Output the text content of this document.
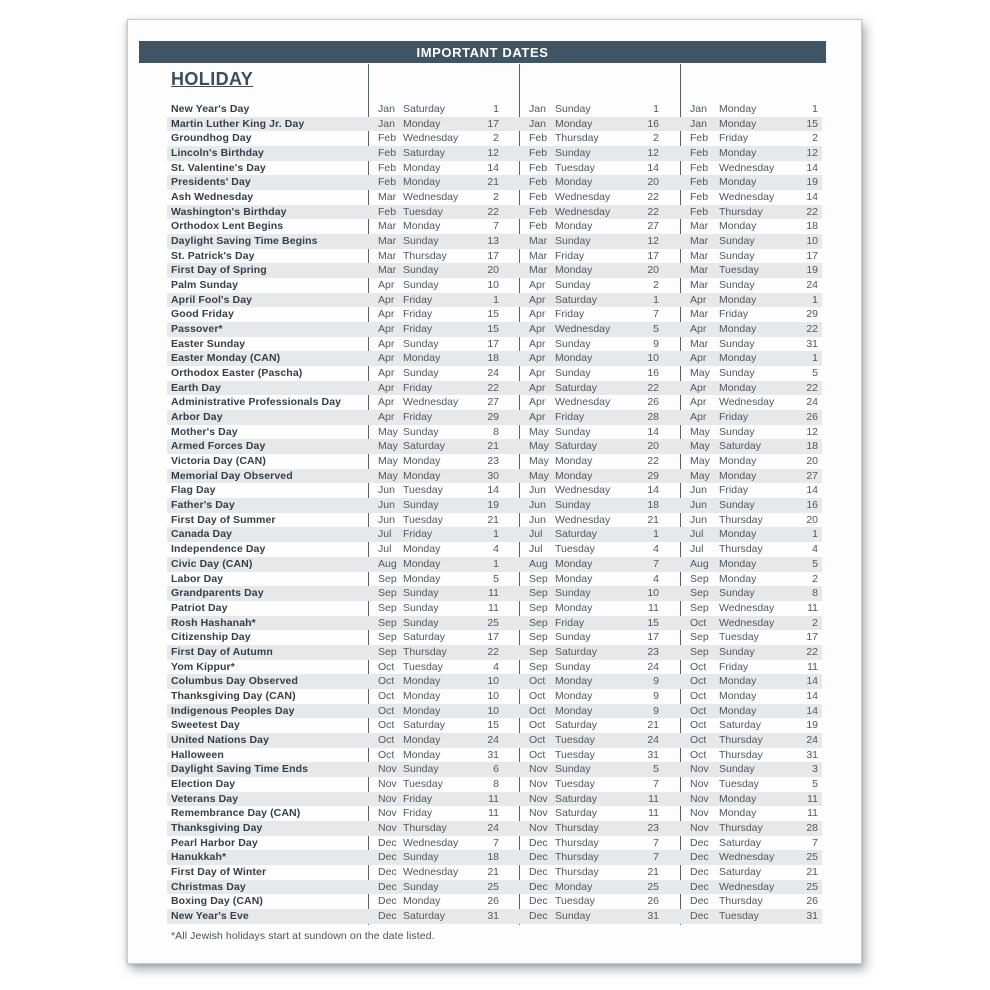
IMPORTANT DATES
HOLIDAY
New Year's Day	Jan Saturday	1	Jan Sunday	1	Jan	Monday	1
Martin Luther King Jr. Day	Jan Monday	17	Jan Monday	16	Jan	Monday	15
Groundhog Day	Feb Wednesday	2	Feb Thursday	2	Feb	Friday	2
Lincoln's Birthday	Feb Saturday	12	Feb Sunday	12	Feb	Monday	12
St. Valentine's Day	Feb Monday	14	Feb Tuesday	14	Feb	Wednesday	14
Presidents' Day	Feb Monday	21	Feb Monday	20	Feb	Monday	19
Ash Wednesday	Mar Wednesday	2	Feb Wednesday	22	Feb	Wednesday	14
Washington's Birthday	Feb Tuesday	22	Feb Wednesday	22	Feb	Thursday	22
Orthodox Lent Begins	Mar Monday	7	Feb Monday	27	Mar	Monday	18
Daylight Saving Time Begins	Mar Sunday	13	Mar Sunday	12	Mar	Sunday	10
St. Patrick's Day	Mar Thursday	17	Mar Friday	17	Mar	Sunday	17
First Day of Spring	Mar Sunday	20	Mar Monday	20	Mar	Tuesday	19
Palm Sunday	Apr Sunday	10	Apr Sunday	2	Mar	Sunday	24
April Fool's Day	Apr Friday	1	Apr Saturday	1	Apr	Monday	1
Good Friday	Apr Friday	15	Apr Friday	7	Mar	Friday	29
Passover*	Apr Friday	15	Apr Wednesday	5	Apr	Monday	22
Easter Sunday	Apr Sunday	17	Apr Sunday	9	Mar	Sunday	31
Easter Monday (CAN)	Apr Monday	18	Apr Monday	10	Apr	Monday	1
Orthodox Easter (Pascha)	Apr Sunday	24	Apr Sunday	16	May Sunday	5
Earth Day	Apr Friday	22	Apr Saturday	22	Apr	Monday	22
Administrative Professionals Day	Apr Wednesday	27	Apr Wednesday	26	Apr	Wednesday	24
Arbor Day	Apr Friday	29	Apr Friday	28	Apr	Friday	26
Mother's Day	May Sunday	8	May Sunday	14	May Sunday	12
Armed Forces Day	May Saturday	21	May Saturday	20	May Saturday	18
Victoria Day (CAN)	May Monday	23	May Monday	22	May Monday	20
Memorial Day Observed	May Monday	30	May Monday	29	May Monday	27
Flag Day	Jun Tuesday	14	Jun Wednesday	14	Jun	Friday	14
Father's Day	Jun Sunday	19	Jun Sunday	18	Jun	Sunday	16
First Day of Summer	Jun Tuesday	21	Jun Wednesday	21	Jun	Thursday	20
Canada Day	Jul	Friday	1	Jul	Saturday	1	Jul	Monday	1
Independence Day	Jul	Monday	4	Jul	Tuesday	4	Jul	Thursday	4
Civic Day (CAN)	Aug Monday	1	Aug Monday	7	Aug Monday	5
Labor Day	Sep Monday	5	Sep Monday	4	Sep Monday	2
Grandparents Day	Sep Sunday	11	Sep Sunday	10	Sep Sunday	8
Patriot Day	Sep Sunday	11	Sep Monday	11	Sep Wednesday	11
Rosh Hashanah*	Sep Sunday	25	Sep Friday	15	Oct	Wednesday	2
Citizenship Day	Sep Saturday	17	Sep Sunday	17	Sep Tuesday	17
First Day of Autumn	Sep Thursday	22	Sep Saturday	23	Sep Sunday	22
Yom Kippur*	Oct Tuesday	4	Sep Sunday	24	Oct	Friday	11
Columbus Day Observed	Oct Monday	10	Oct Monday	9	Oct	Monday	14
Thanksgiving Day (CAN)	Oct Monday	10	Oct Monday	9	Oct	Monday	14
Indigenous Peoples Day	Oct Monday	10	Oct Monday	9	Oct	Monday	14
Sweetest Day	Oct Saturday	15	Oct Saturday	21	Oct	Saturday	19
United Nations Day	Oct Monday	24	Oct Tuesday	24	Oct	Thursday	24
Halloween	Oct Monday	31	Oct Tuesday	31	Oct	Thursday	31
Daylight Saving Time Ends	Nov Sunday	6	Nov Sunday	5	Nov Sunday	3
Election Day	Nov Tuesday	8	Nov Tuesday	7	Nov Tuesday	5
Veterans Day	Nov Friday	11	Nov Saturday	11	Nov Monday	11
Remembrance Day (CAN)	Nov Friday	11	Nov Saturday	11	Nov Monday	11
Thanksgiving Day	Nov Thursday	24	Nov Thursday	23	Nov Thursday	28
Pearl Harbor Day	Dec Wednesday	7	Dec Thursday	7	Dec Saturday	7
Hanukkah*	Dec Sunday	18	Dec Thursday	7	Dec Wednesday	25
First Day of Winter	Dec Wednesday	21	Dec Thursday	21	Dec Saturday	21
Christmas Day	Dec Sunday	25	Dec Monday	25	Dec Wednesday	25
Boxing Day (CAN)	Dec Monday	26	Dec Tuesday	26	Dec Thursday	26
New Year's Eve	Dec Saturday	31	Dec Sunday	31	Dec Tuesday	31
*All Jewish holidays start at sundown on the date listed.
